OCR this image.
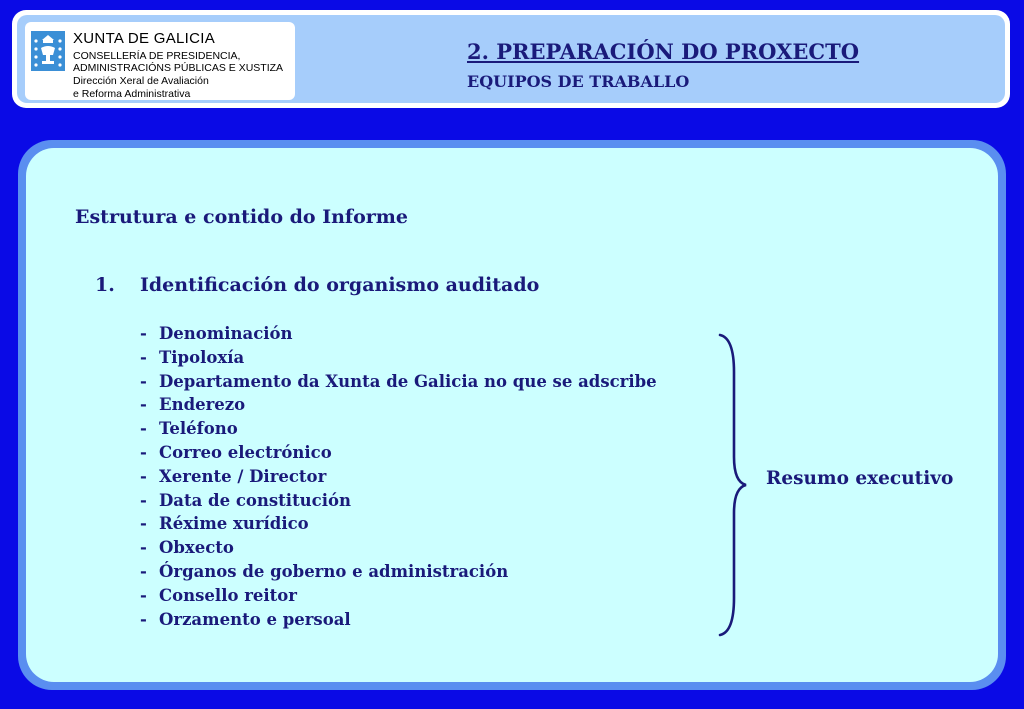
XUNTA DE GALICIA
CONSELLERÍA DE PRESIDENCIA,
ADMINISTRACIÓNS PÚBLICAS E XUSTIZA
Dirección Xeral de Avaliación
e Reforma Administrativa
2. PREPARACIÓN DO PROXECTO
EQUIPOS DE TRABALLO
Estrutura e contido do Informe
1. Identificación do organismo auditado
- Denominación
- Tipoloxía
- Departamento da Xunta de Galicia no que se adscribe
- Enderezo
- Teléfono
- Correo electrónico
- Xerente / Director
- Data de constitución
- Réxime xurídico
- Obxecto
- Órganos de goberno e administración
- Consello reitor
- Orzamento e persoal
Resumo executivo
